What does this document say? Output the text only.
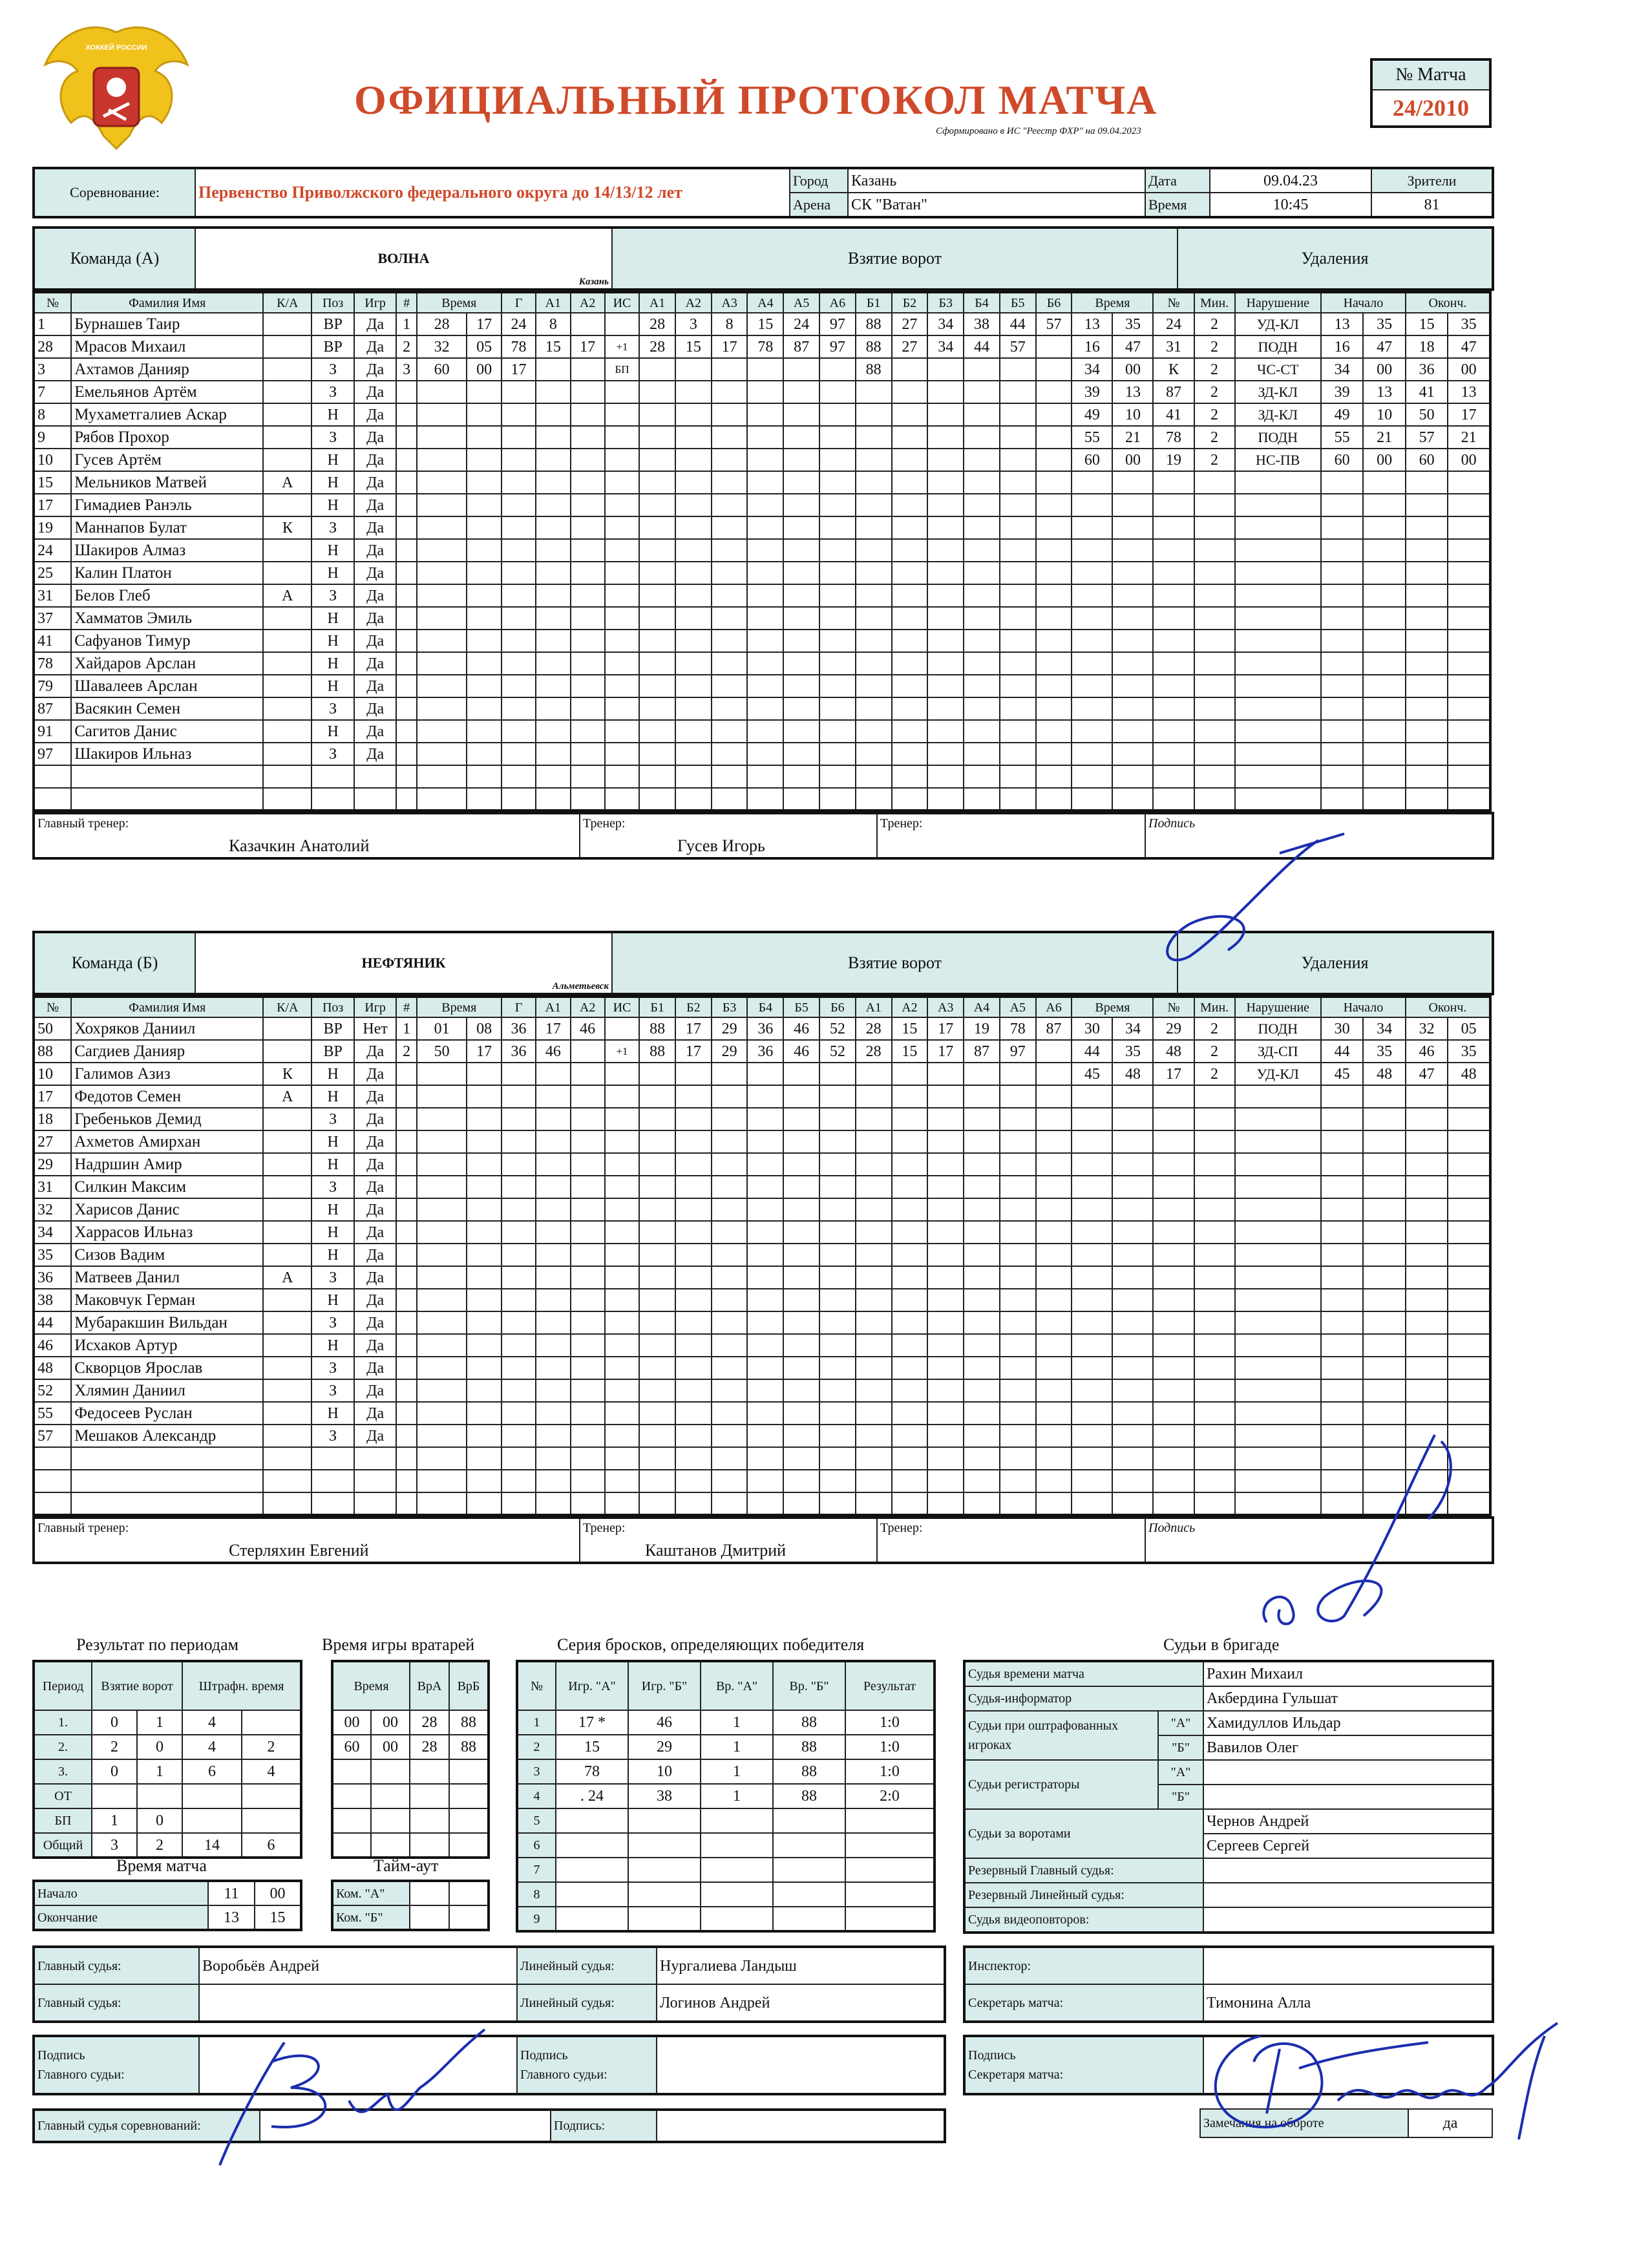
ХОККЕЙ РОССИИ
ОФИЦИАЛЬНЫЙ ПРОТОКОЛ МАТЧА
Сформировано в ИС "Реестр ФХР" на 09.04.2023
№ Матча
24/2010
Соревнование:	Первенство Приволжского федерального округа до 14/13/12 лет	Город	Казань	Дата	09.04.23	Зрители
		Арена	СК "Ватан"	Время	10:45	81
Команда (А)	ВОЛНА
Казань
	Взятие ворот	Удаления
№	Фамилия Имя	К/А	Поз	Игр	#	Время		Г	А1	А2	ИС	А1	А2	А3	А4	А5	А6	Б1	Б2	Б3	Б4	Б5	Б6	Время		№	Мин.	Нарушение	Начало		Оконч.	
1	Бурнашев Таир		ВР	Да	1	28	17	24	8			28	3	8	15	24	97	88	27	34	38	44	57	13	35	24	2	УД-КЛ	13	35	15	35
28	Мрасов Михаил		ВР	Да	2	32	05	78	15	17	+1	28	15	17	78	87	97	88	27	34	44	57		16	47	31	2	ПОДН	16	47	18	47
3	Ахтамов Данияр		З	Да	3	60	00	17			БП							88						34	00	К	2	ЧС-СТ	34	00	36	00
7	Емельянов Артём		З	Да																				39	13	87	2	ЗД-КЛ	39	13	41	13
8	Мухаметгалиев Аскар		Н	Да																				49	10	41	2	ЗД-КЛ	49	10	50	17
9	Рябов Прохор		З	Да																				55	21	78	2	ПОДН	55	21	57	21
10	Гусев Артём		Н	Да																				60	00	19	2	НС-ПВ	60	00	60	00
15	Мельников Матвей	А	Н	Да																												
17	Гимадиев Ранэль		Н	Да																												
19	Маннапов Булат	К	З	Да																												
24	Шакиров Алмаз		Н	Да																												
25	Калин Платон		Н	Да																												
31	Белов Глеб	А	З	Да																												
37	Хамматов Эмиль		Н	Да																												
41	Сафуанов Тимур		Н	Да																												
78	Хайдаров Арслан		Н	Да																												
79	Шавалеев Арслан		Н	Да																												
87	Васякин Семен		З	Да																												
91	Сагитов Данис		Н	Да																												
97	Шакиров Ильназ		З	Да																												

Главный тренер:
Казачкин Анатолий

Тренер:
Гусев Игорь

Тренер:	Подпись
Команда (Б)	НЕФТЯНИК
Альметьевск
	Взятие ворот	Удаления
№	Фамилия Имя	К/А	Поз	Игр	#	Время		Г	А1	А2	ИС	Б1	Б2	Б3	Б4	Б5	Б6	А1	А2	А3	А4	А5	А6	Время		№	Мин.	Нарушение	Начало		Оконч.	
50	Хохряков Даниил		ВР	Нет	1	01	08	36	17	46		88	17	29	36	46	52	28	15	17	19	78	87	30	34	29	2	ПОДН	30	34	32	05
88	Сагдиев Данияр		ВР	Да	2	50	17	36	46		+1	88	17	29	36	46	52	28	15	17	87	97		44	35	48	2	ЗД-СП	44	35	46	35
10	Галимов Азиз	К	Н	Да																				45	48	17	2	УД-КЛ	45	48	47	48
17	Федотов Семен	А	Н	Да																												
18	Гребеньков Демид		З	Да																												
27	Ахметов Амирхан		Н	Да																												
29	Надршин Амир		Н	Да																												
31	Силкин Максим		З	Да																												
32	Харисов Данис		Н	Да																												
34	Харрасов Ильназ		Н	Да																												
35	Сизов Вадим		Н	Да																												
36	Матвеев Данил	А	З	Да																												
38	Маковчук Герман		Н	Да																												
44	Мубаракшин Вильдан		З	Да																												
46	Исхаков Артур		Н	Да																												
48	Скворцов Ярослав		З	Да																												
52	Хлямин Даниил		З	Да																												
55	Федосеев Руслан		Н	Да																												
57	Мешаков Александр		З	Да																												

Главный тренер:
Стерляхин Евгений

Тренер:
Каштанов Дмитрий

Тренер:	Подпись
Результат по периодам	Время игры вратарей	Серия бросков, определяющих победителя	Судьи в бригаде
Период	Взятие ворот		Штрафн. время	
1.	0	1	4	
2.	2	0	4	2
3.	0	1	6	4
ОТ				
БП	1	0		
Общий	3	2	14	6
Время		ВрА	ВрБ
00	00	28	88
60	00	28	88

Время матча
Начало	11	00
Окончание	13	15
Тайм-аут
Ком. "А"		
Ком. "Б"		
№	Игр. "А"	Игр. "Б"	Вр. "А"	Вр. "Б"	Результат
1	17 *	46	1	88	1:0
2	15	29	1	88	1:0
3	78	10	1	88	1:0
4	. 24	38	1	88	2:0
5					
6					
7					
8					
9					
Судья времени матча		Рахин Михаил
Судья-информатор		Акбердина Гульшат
Судьи при оштрафованных игроках	"А"	Хамидуллов Ильдар
	"Б"	Вавилов Олег
Судьи регистраторы	"А"	
	"Б"	
Судьи за воротами		Чернов Андрей
		Сергеев Сергей
Резервный Главный судья:		
Резервный Линейный судья:		
Судья видеоповторов:		
Главный судья:	Воробьёв Андрей	Линейный судья:	Нургалиева Ландыш
Главный судья:		Линейный судья:	Логинов Андрей
Инспектор:	
Секретарь матча:	Тимонина Алла
Подпись
Главного судьи:

Подпись
Главного судьи:

Подпись
Секретаря матча:

Главный судья соревнований:		Подпись:		Замечания на обороте	да
